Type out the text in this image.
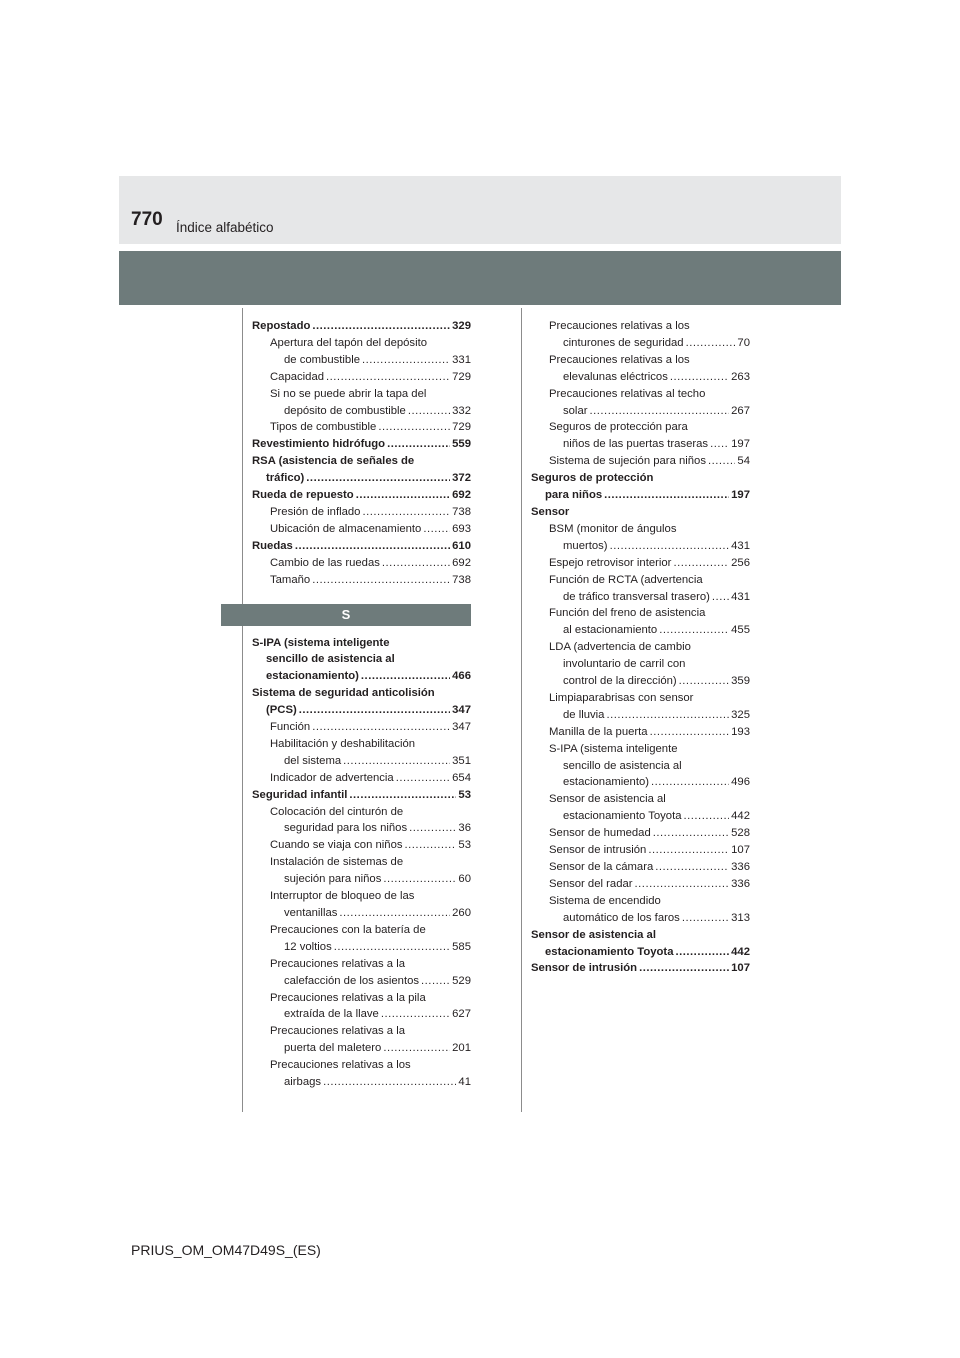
770 Índice alfabético
Repostado .....	329
Apertura del tapón del depósito
de combustible .....	331
Capacidad .....	729
Si no se puede abrir la tapa del
depósito de combustible .....	332
Tipos de combustible .....	729
Revestimiento hidrófugo .....	559
RSA (asistencia de señales de
tráfico) .....	372
Rueda de repuesto .....	692
Presión de inflado .....	738
Ubicación de almacenamiento .....	693
Ruedas .....	610
Cambio de las ruedas .....	692
Tamaño .....	738
S
S-IPA (sistema inteligente
sencillo de asistencia al
estacionamiento) .....	466
Sistema de seguridad anticolisión
(PCS) .....	347
Función .....	347
Habilitación y deshabilitación
del sistema .....	351
Indicador de advertencia .....	654
Seguridad infantil .....	53
Colocación del cinturón de
seguridad para los niños .....	36
Cuando se viaja con niños .....	53
Instalación de sistemas de
sujeción para niños .....	60
Interruptor de bloqueo de las
ventanillas .....	260
Precauciones con la batería de
12 voltios .....	585
Precauciones relativas a la
calefacción de los asientos .....	529
Precauciones relativas a la pila
extraída de la llave .....	627
Precauciones relativas a la
puerta del maletero .....	201
Precauciones relativas a los
airbags .....	41
Precauciones relativas a los
cinturones de seguridad .....	70
Precauciones relativas a los
elevalunas eléctricos .....	263
Precauciones relativas al techo
solar .....	267
Seguros de protección para
niños de las puertas traseras ..... 197
Sistema de sujeción para niños .....	54
Seguros de protección
para niños .....	197
Sensor
BSM (monitor de ángulos
muertos) .....	431
Espejo retrovisor interior .....	256
Función de RCTA (advertencia
de tráfico transversal trasero) ..... 431
Función del freno de asistencia
al estacionamiento .....	455
LDA (advertencia de cambio
involuntario de carril con
control de la dirección) .....	359
Limpiaparabrisas con sensor
de lluvia .....	325
Manilla de la puerta .....	193
S-IPA (sistema inteligente
sencillo de asistencia al
estacionamiento) .....	496
Sensor de asistencia al
estacionamiento Toyota .....	442
Sensor de humedad .....	528
Sensor de intrusión .....	107
Sensor de la cámara .....	336
Sensor del radar .....	336
Sistema de encendido
automático de los faros .....	313
Sensor de asistencia al
estacionamiento Toyota .....	442
Sensor de intrusión .....	107
PRIUS_OM_OM47D49S_(ES)
